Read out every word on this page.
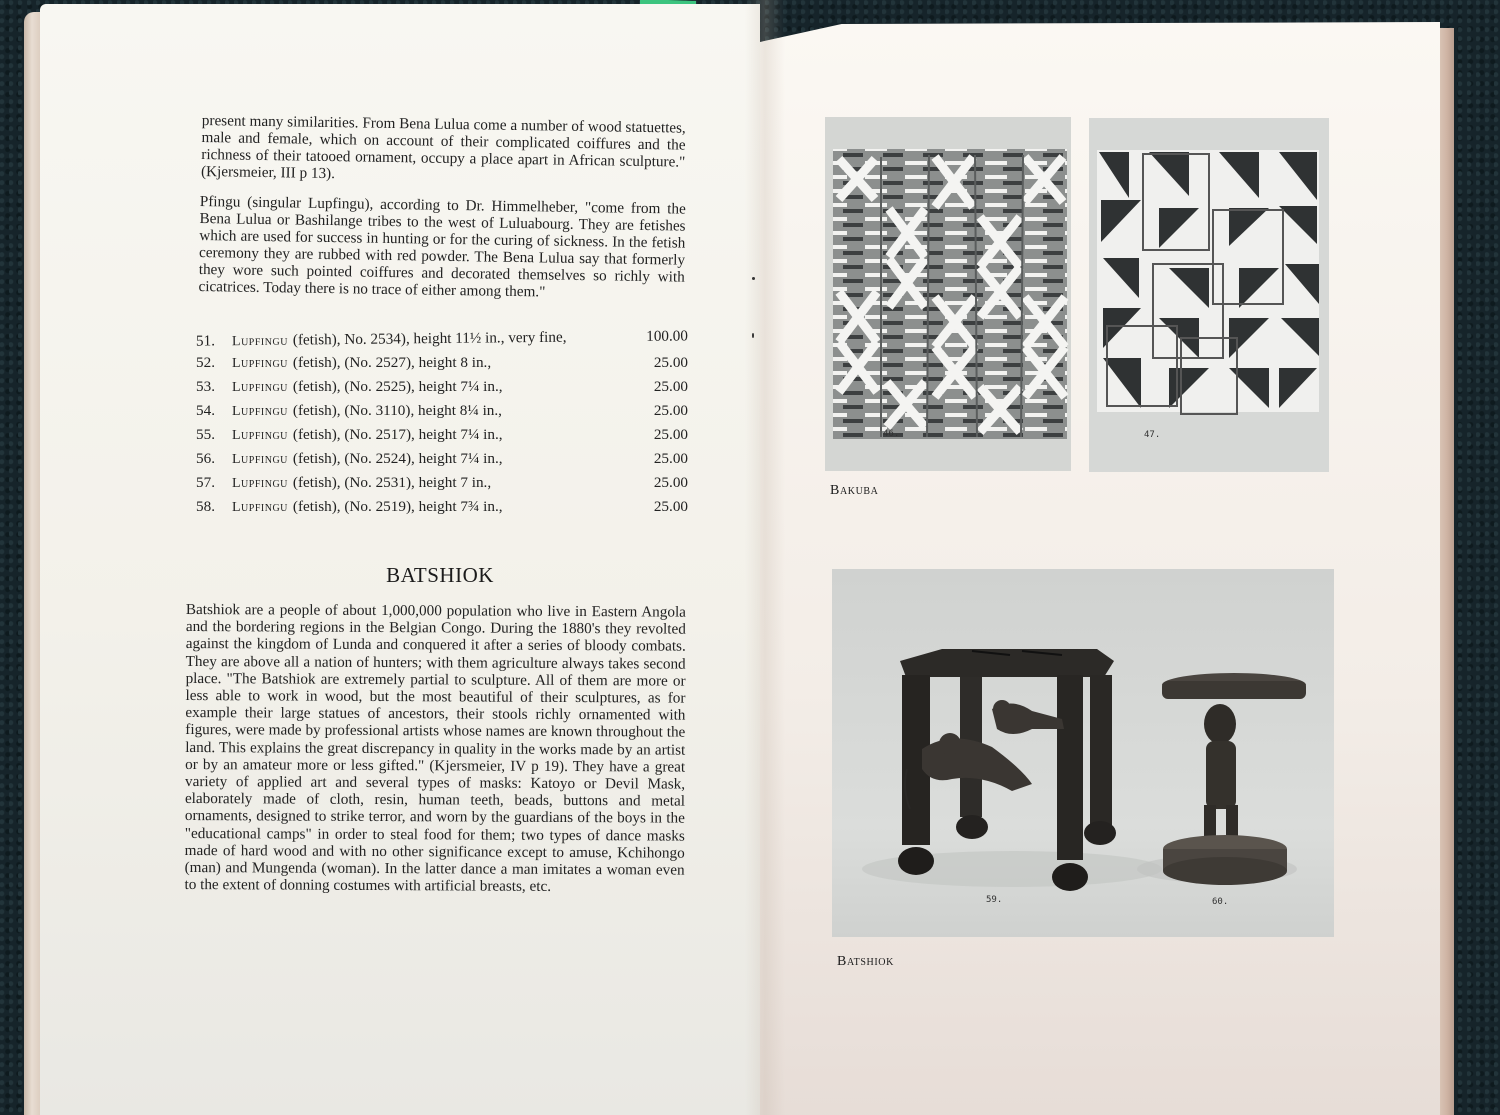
present many similarities. From Bena Lulua come a number of wood statuettes, male and female, which on account of their complicated coiffures and the richness of their tatooed ornament, occupy a place apart in African sculpture." (Kjersmeier, III p 13).

Pfingu (singular Lupfingu), according to Dr. Himmelheber, "come from the Bena Lulua or Bashilange tribes to the west of Luluabourg. They are fetishes which are used for success in hunting or for the curing of sickness. In the fetish ceremony they are rubbed with red powder. The Bena Lulua say that formerly they wore such pointed coiffures and decorated themselves so richly with cicatrices. Today there is no trace of either among them."

51.	Lupfingu (fetish), No. 2534), height 11½ in., very fine,	100.00
52.	Lupfingu (fetish), (No. 2527), height 8 in.,	25.00
53.	Lupfingu (fetish), (No. 2525), height 7¼ in.,	25.00
54.	Lupfingu (fetish), (No. 3110), height 8¼ in.,	25.00
55.	Lupfingu (fetish), (No. 2517), height 7¼ in.,	25.00
56.	Lupfingu (fetish), (No. 2524), height 7¼ in.,	25.00
57.	Lupfingu (fetish), (No. 2531), height 7 in.,	25.00
58.	Lupfingu (fetish), (No. 2519), height 7¾ in.,	25.00
BATSHIOK
Batshiok are a people of about 1,000,000 population who live in Eastern Angola and the bordering regions in the Belgian Congo. During the 1880's they revolted against the kingdom of Lunda and conquered it after a series of bloody combats. They are above all a nation of hunters; with them agriculture always takes second place. "The Batshiok are extremely partial to sculpture. All of them are more or less able to work in wood, but the most beautiful of their sculptures, as for example their large statues of ancestors, their stools richly ornamented with figures, were made by professional artists whose names are known throughout the land. This explains the great discrepancy in quality in the works made by an artist or by an amateur more or less gifted." (Kjersmeier, IV p 19). They have a great variety of applied art and several types of masks: Katoyo or Devil Mask, elaborately made of cloth, resin, human teeth, beads, buttons and metal ornaments, designed to strike terror, and worn by the guardians of the boys in the "educational camps" in order to steal food for them; two types of dance masks made of hard wood and with no other significance except to amuse, Kchihongo (man) and Mungenda (woman). In the latter dance a man imitates a woman even to the extent of donning costumes with artificial breasts, etc.
46.	47.
Bakuba
59.	60.
Batshiok
